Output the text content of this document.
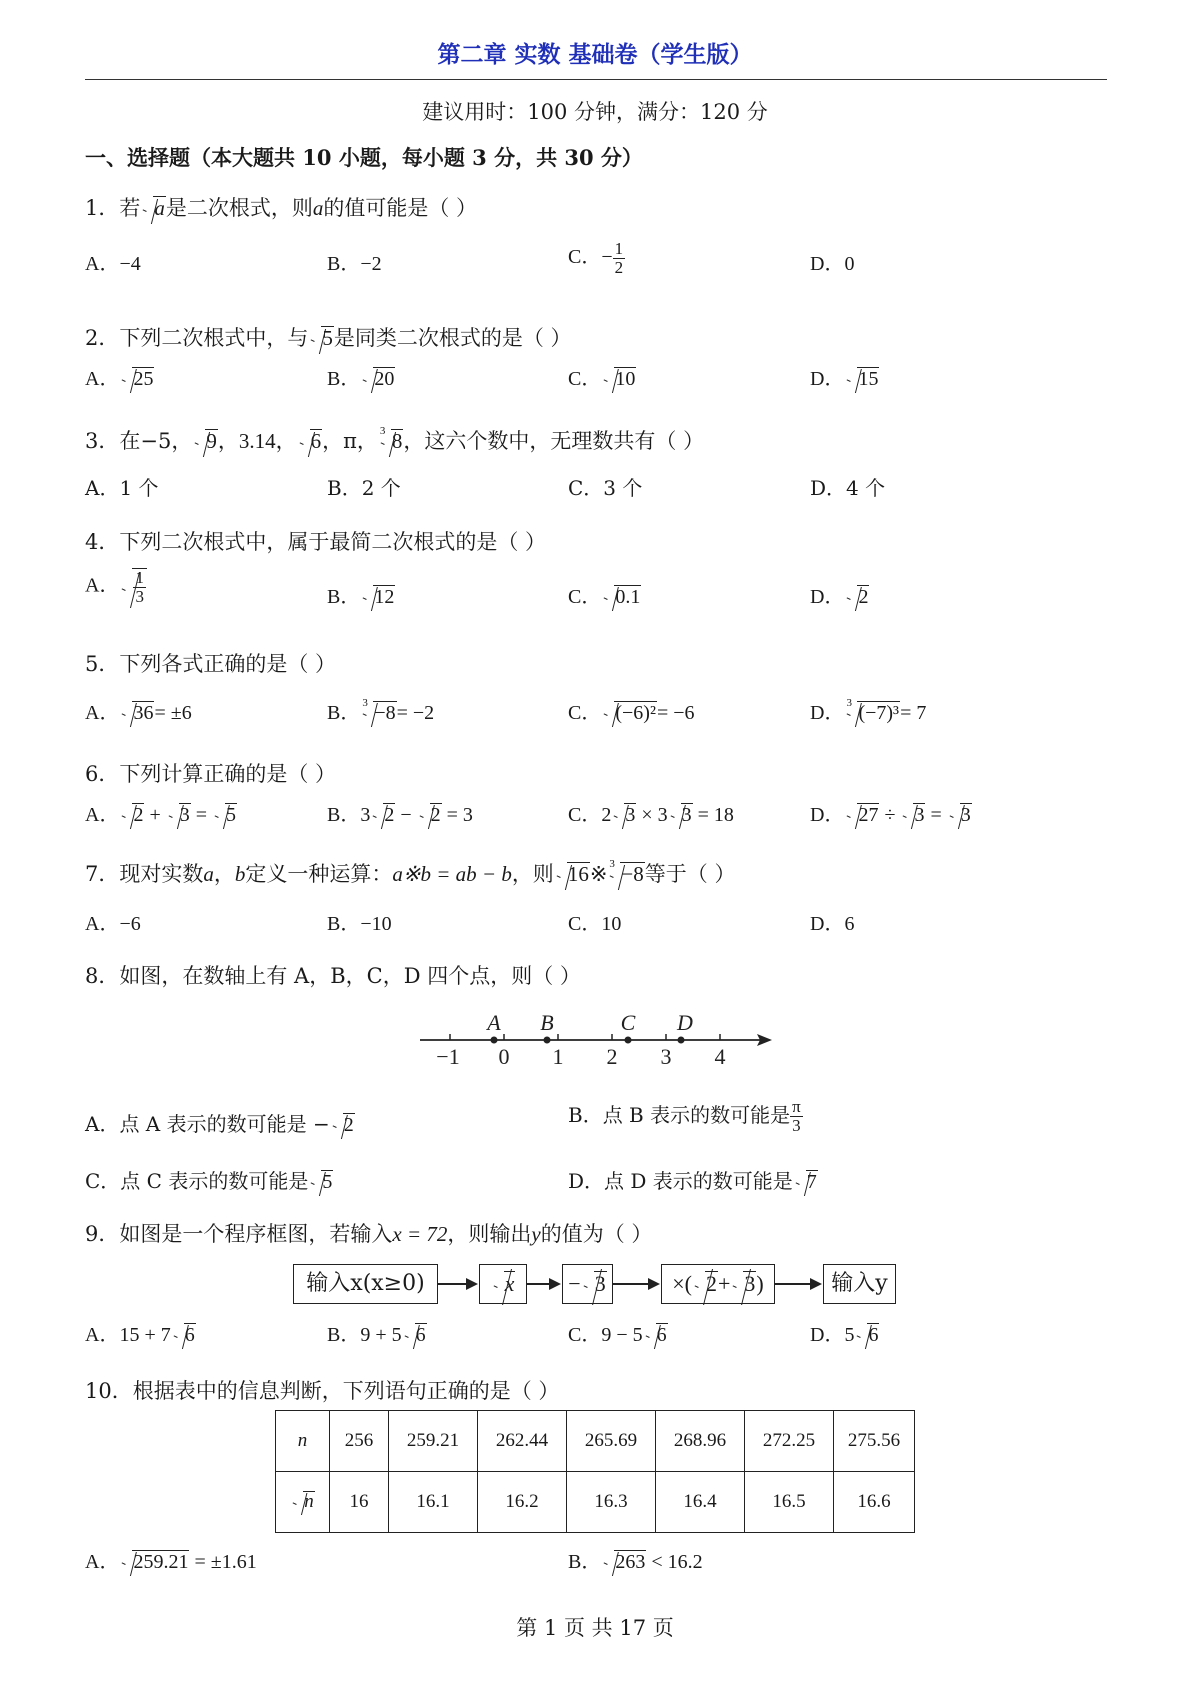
第二章 实数 基础卷（学生版）
建议用时：100 分钟，满分：120 分
一、选择题（本大题共 10 小题，每小题 3 分，共 30 分）
1．若 a是二次根式，则a的值可能是（ ）
A．−4	B．−2	C．− $\frac{1}{2}$	D．0
2．下列二次根式中，与 5是同类二次根式的是（ ）
A． 25	B． 20	C． 10	D． 15
3．在−5， 9，3.14， 6，π， 3 8，这六个数中，无理数共有（ ）
A．1 个	B．2 个	C．3 个	D．4 个
4．下列二次根式中，属于最简二次根式的是（ ）
A． $\frac{1}{3}$	B． 12	C． 0.1	D． 2
5．下列各式正确的是（ ）
A． 36= ±6	B． 3 −8= −2	C． (−6)²= −6	D． 3 (−7)³= 7
6．下列计算正确的是（ ）
A． 2 + 3 = 5	B．3 2 − 2 = 3	C．2 3 × 3 3 = 18	D． 27 ÷ 3 = 3
7．现对实数a，b定义一种运算：a※b = ab − b，则 16※ 3 −8等于（ ）
A．−6	B．−10	C．10	D．6
8．如图，在数轴上有 A，B，C，D 四个点，则（ ）
−1 0 1 2 3 4
A B	C D
A．点 A 表示的数可能是 − 2	B．点 B 表示的数可能是 $\frac{\pi}{3}$
C．点 C 表示的数可能是 5	D．点 D 表示的数可能是 7
9．如图是一个程序框图，若输入x = 72，则输出y的值为（ ）
输入x(x≥0)	x	− 3	×( 2+ 3)	输入y
A．15 + 7 6	B．9 + 5 6	C．9 − 5 6	D．5 6
10．根据表中的信息判断，下列语句正确的是（ ）
n	256	259.21	262.44	265.69	268.96	272.25	275.56
n	16	16.1	16.2	16.3	16.4	16.5	16.6
A． 259.21 = ±1.61	B． 263 < 16.2
第 1 页 共 17 页
